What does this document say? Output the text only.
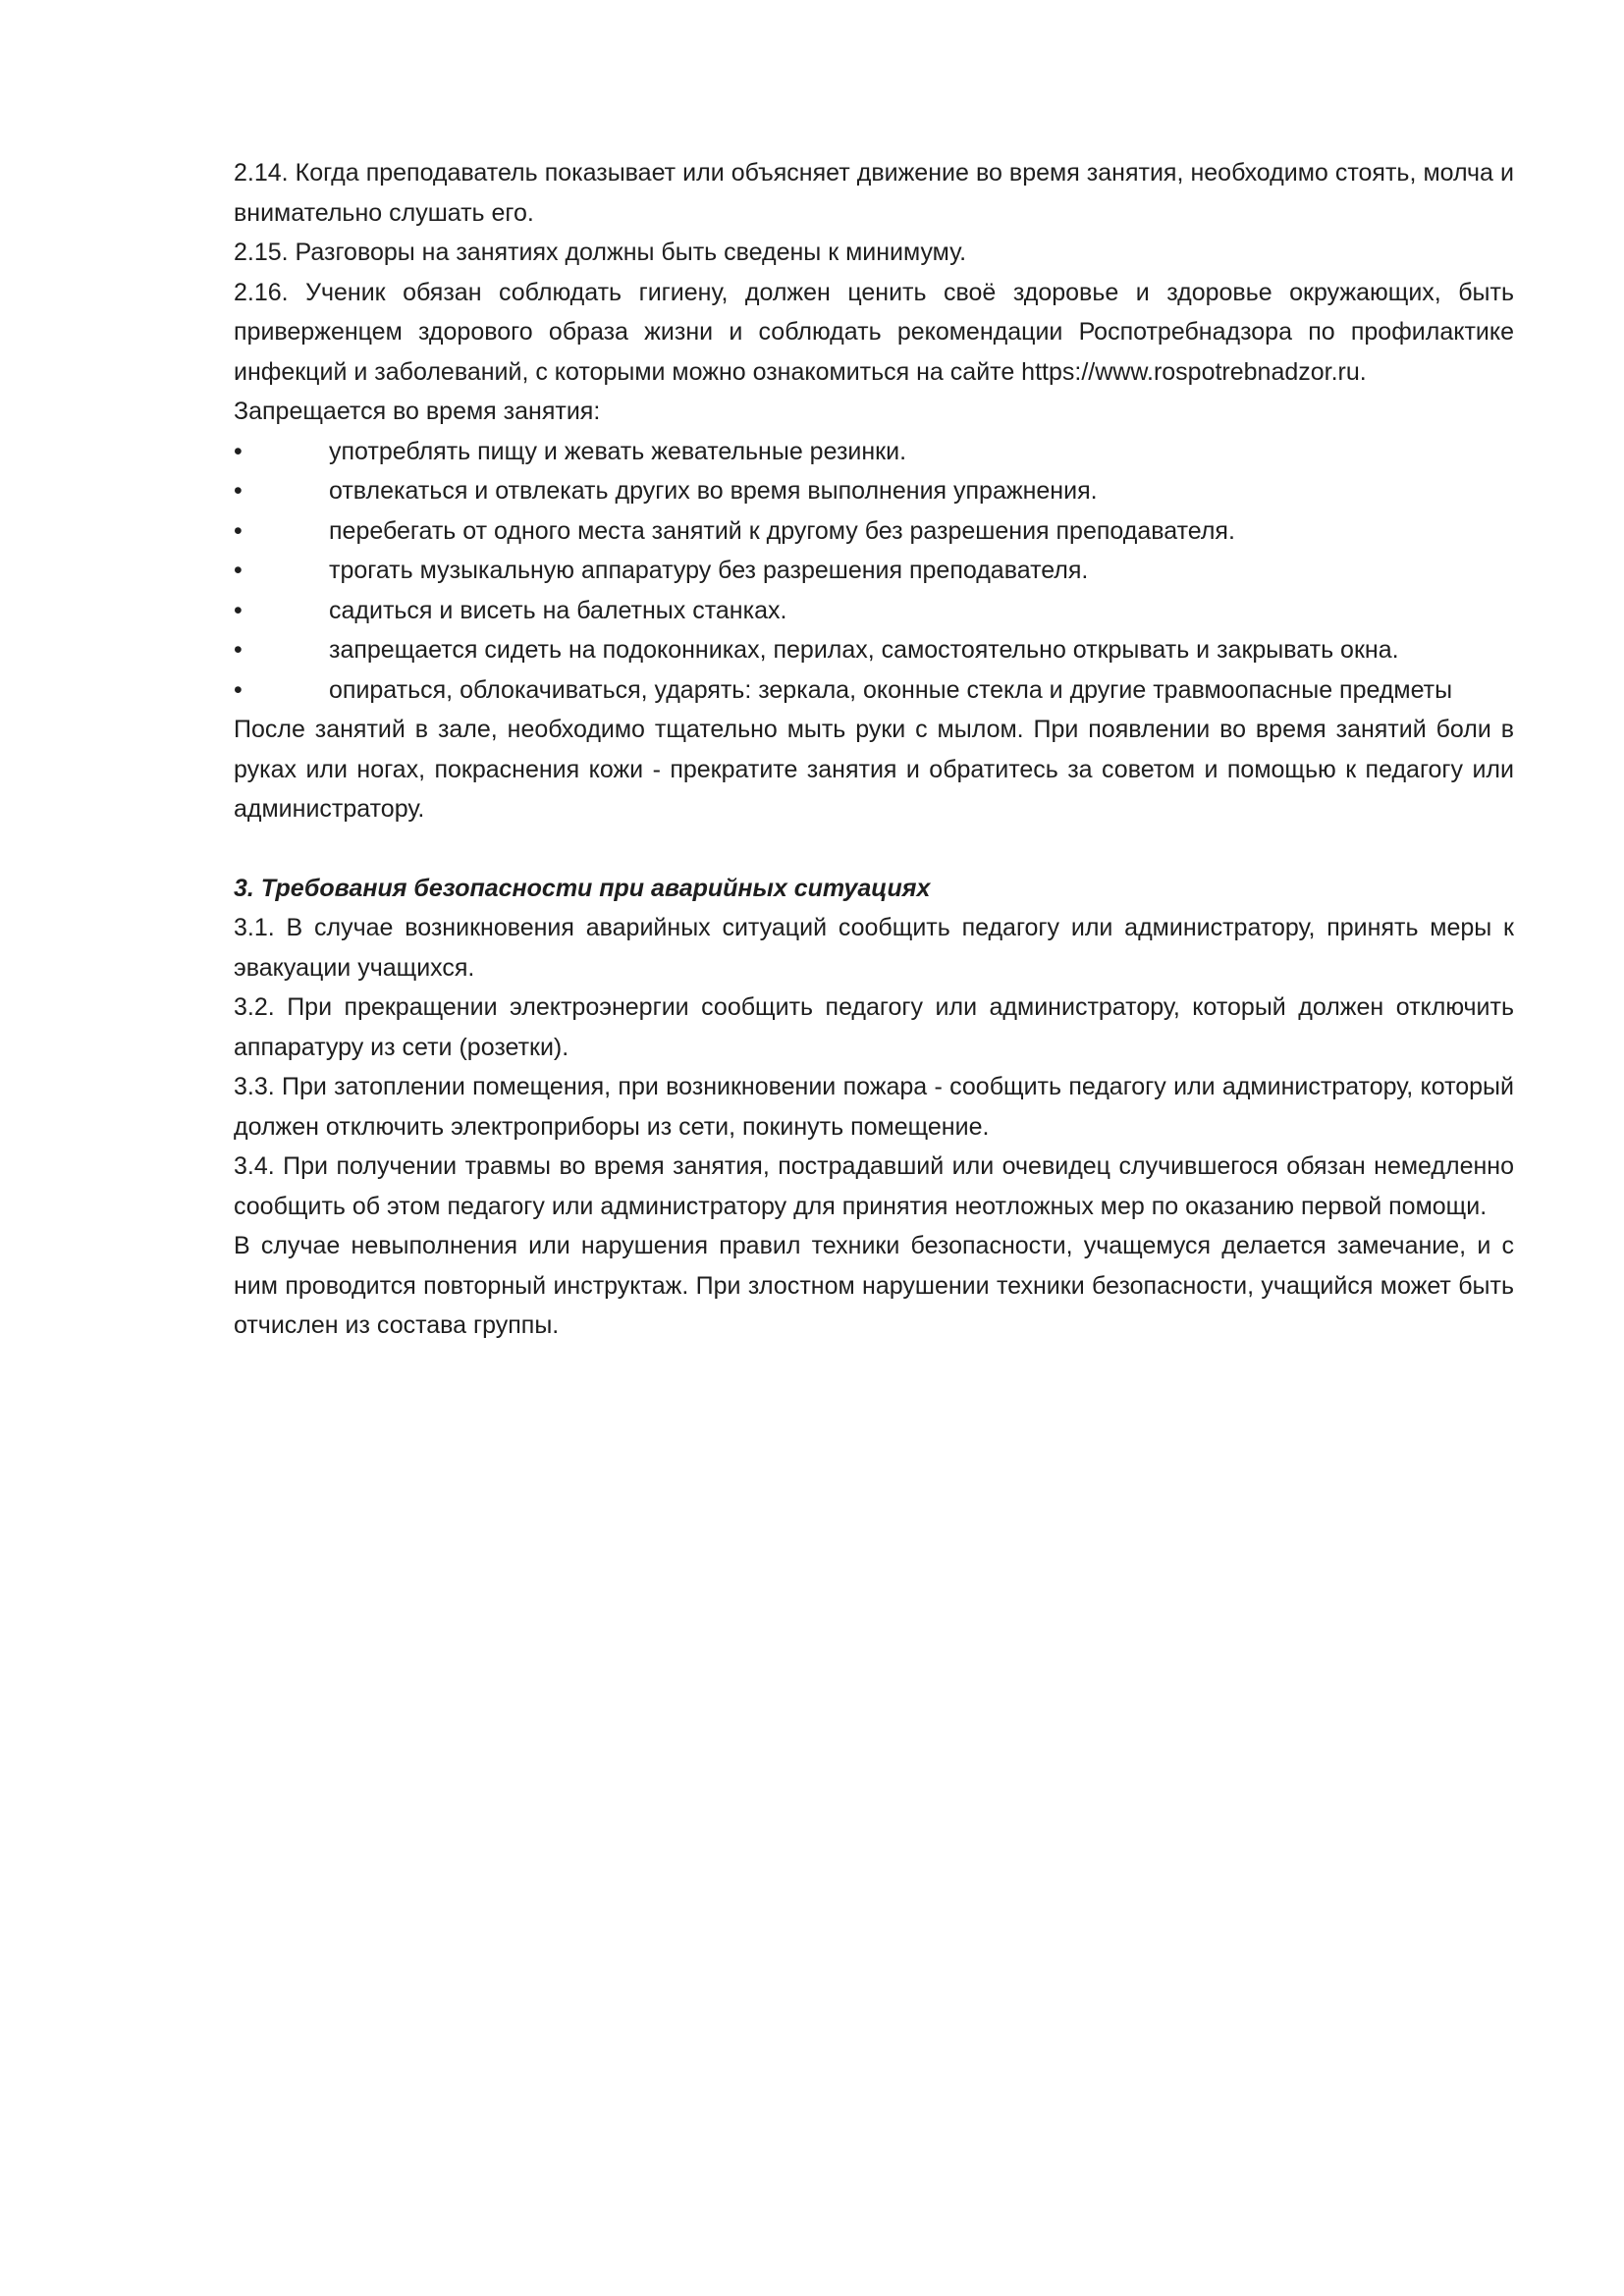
2.14. Когда преподаватель показывает или объясняет движение во время занятия, необходимо стоять, молча и внимательно слушать его.

2.15. Разговоры на занятиях должны быть сведены к минимуму.

2.16. Ученик обязан соблюдать гигиену, должен ценить своё здоровье и здоровье окружающих, быть приверженцем здорового образа жизни и соблюдать рекомендации Роспотребнадзора по профилактике инфекций и заболеваний, с которыми можно ознакомиться на сайте https://www.rospotrebnadzor.ru.

Запрещается во время занятия:

•	употреблять пищу и жевать жевательные резинки.
•	отвлекаться и отвлекать других во время выполнения упражнения.
•	перебегать от одного места занятий к другому без разрешения преподавателя.
•	трогать музыкальную аппаратуру без разрешения преподавателя.
•	садиться и висеть на балетных станках.
•	запрещается сидеть на подоконниках, перилах, самостоятельно открывать и закрывать окна.
•	опираться, облокачиваться, ударять: зеркала, оконные стекла и другие травмоопасные предметы

После занятий в зале, необходимо тщательно мыть руки с мылом. При появлении во время занятий боли в руках или ногах, покраснения кожи - прекратите занятия и обратитесь за советом и помощью к педагогу или администратору.

3. Требования безопасности при аварийных ситуациях

3.1. В случае возникновения аварийных ситуаций сообщить педагогу или администратору, принять меры к эвакуации учащихся.

3.2. При прекращении электроэнергии сообщить педагогу или администратору, который должен отключить аппаратуру из сети (розетки).

3.3. При затоплении помещения, при возникновении пожара - сообщить педагогу или администратору, который должен отключить электроприборы из сети, покинуть помещение.

3.4. При получении травмы во время занятия, пострадавший или очевидец случившегося обязан немедленно сообщить об этом педагогу или администратору для принятия неотложных мер по оказанию первой помощи.

В случае невыполнения или нарушения правил техники безопасности, учащемуся делается замечание, и с ним проводится повторный инструктаж. При злостном нарушении техники безопасности, учащийся может быть отчислен из состава группы.
